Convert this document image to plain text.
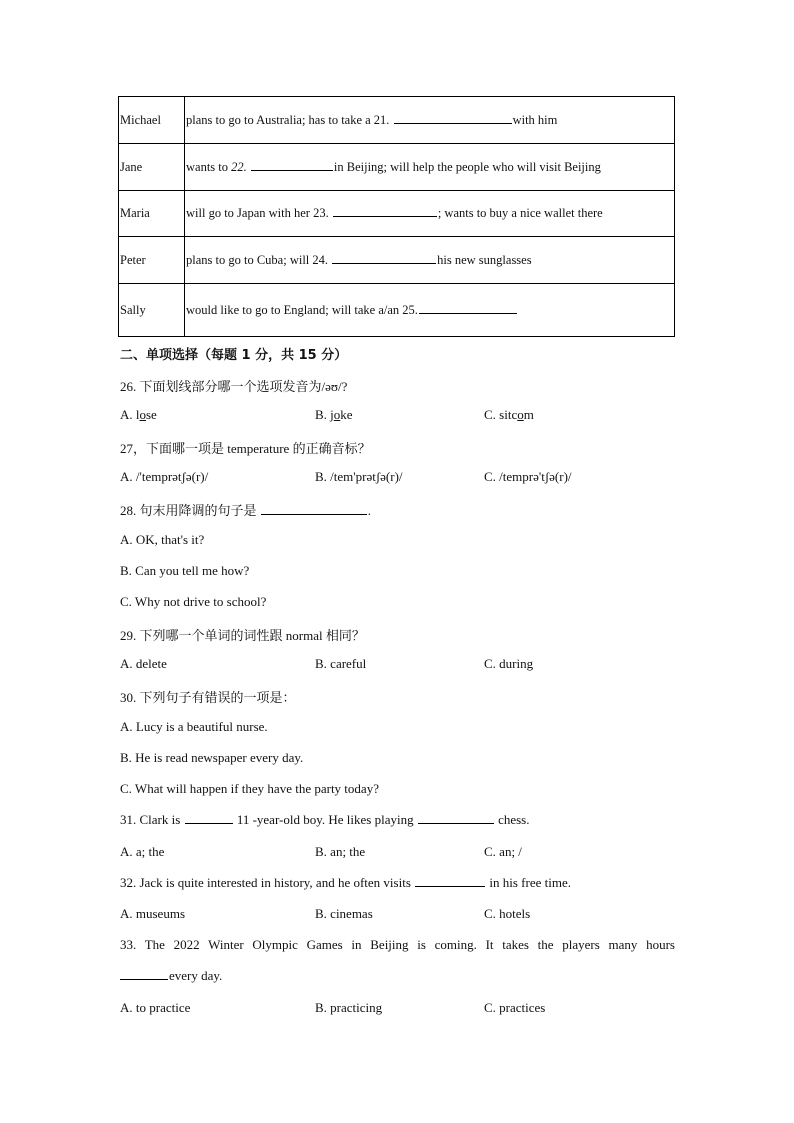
Michael	plans to go to Australia; has to take a 21. with him
Jane	wants to 22. in Beijing; will help the people who will visit Beijing
Maria	will go to Japan with her 23. ; wants to buy a nice wallet there
Peter	plans to go to Cuba; will 24. his new sunglasses
Sally	would like to go to England; will take a/an 25.
二、单项选择（每题 1 分，共 15 分）
26. 下面划线部分哪一个选项发音为/əʊ/?
A. lose	B. joke	C. sitcom
27，下面哪一项是 temperature 的正确音标？
A. /'temprətʃə(r)/	B. /tem'prətʃə(r)/	C. /temprə'tʃə(r)/
28. 句末用降调的句子是	.
A. OK, that's it?
B. Can you tell me how?
C. Why not drive to school?
29. 下列哪一个单词的词性跟 normal 相同？
A. delete	B. careful	C. during
30. 下列句子有错误的一项是：
A. Lucy is a beautiful nurse.
B. He is read newspaper every day.
C. What will happen if they have the party today?
31. Clark is	11 -year-old boy. He likes playing	chess.
A. a; the	B. an; the	C. an; /
32. Jack is quite interested in history, and he often visits	in his free time.
A. museums	B. cinemas	C. hotels
33. The 2022 Winter Olympic Games in Beijing is coming. It takes the players many hours
every day.
A. to practice	B. practicing	C. practices
